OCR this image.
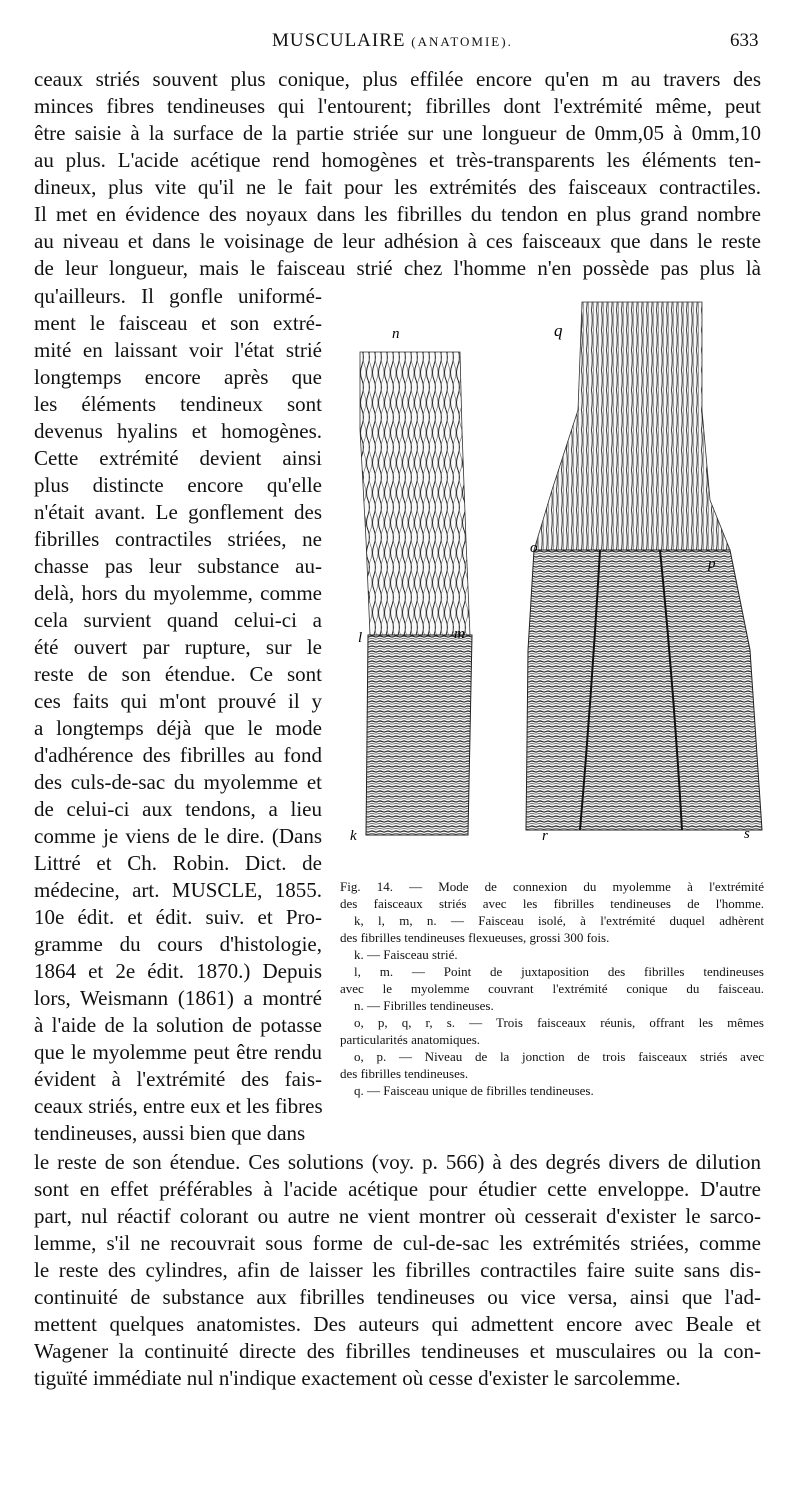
MUSCULAIRE (ANATOMIE).	633
ceaux striés souvent plus conique, plus effilée encore qu'en m au travers des
minces fibres tendineuses qui l'entourent; fibrilles dont l'extrémité même, peut
être saisie à la surface de la partie striée sur une longueur de 0mm,05 à 0mm,10
au plus. L'acide acétique rend homogènes et très-transparents les éléments ten-
dineux, plus vite qu'il ne le fait pour les extrémités des faisceaux contractiles.
Il met en évidence des noyaux dans les fibrilles du tendon en plus grand nombre
au niveau et dans le voisinage de leur adhésion à ces faisceaux que dans le reste
de leur longueur, mais le faisceau strié chez l'homme n'en possède pas plus là
qu'ailleurs. Il gonfle uniformé-
ment le faisceau et son extré-
mité en laissant voir l'état strié
longtemps encore après que
les éléments tendineux sont
devenus hyalins et homogènes.
Cette extrémité devient ainsi
plus distincte encore qu'elle
n'était avant. Le gonflement des
fibrilles contractiles striées, ne
chasse pas leur substance au-
delà, hors du myolemme, comme
cela survient quand celui-ci a
été ouvert par rupture, sur le
reste de son étendue. Ce sont
ces faits qui m'ont prouvé il y
a longtemps déjà que le mode
d'adhérence des fibrilles au fond
des culs-de-sac du myolemme et
de celui-ci aux tendons, a lieu
comme je viens de le dire. (Dans
Littré et Ch. Robin. Dict. de
médecine, art. MUSCLE, 1855.
10e édit. et édit. suiv. et Pro-
gramme du cours d'histologie,
1864 et 2e édit. 1870.) Depuis
lors, Weismann (1861) a montré
à l'aide de la solution de potasse
que le myolemme peut être rendu
évident à l'extrémité des fais-
ceaux striés, entre eux et les fibres
tendineuses, aussi bien que dans
n
m
l
k
q
o
p
r	s
Fig. 14. — Mode de connexion du myolemme à l'extrémité
des faisceaux striés avec les fibrilles tendineuses de l'homme.
k, l, m, n. — Faisceau isolé, à l'extrémité duquel adhèrent
des fibrilles tendineuses flexueuses, grossi 300 fois.
k. — Faisceau strié.
l, m. — Point de juxtaposition des fibrilles tendineuses
avec le myolemme couvrant l'extrémité conique du faisceau.
n. — Fibrilles tendineuses.
o, p, q, r, s. — Trois faisceaux réunis, offrant les mêmes
particularités anatomiques.
o, p. — Niveau de la jonction de trois faisceaux striés avec
des fibrilles tendineuses.
q. — Faisceau unique de fibrilles tendineuses.
le reste de son étendue. Ces solutions (voy. p. 566) à des degrés divers de dilution
sont en effet préférables à l'acide acétique pour étudier cette enveloppe. D'autre
part, nul réactif colorant ou autre ne vient montrer où cesserait d'exister le sarco-
lemme, s'il ne recouvrait sous forme de cul-de-sac les extrémités striées, comme
le reste des cylindres, afin de laisser les fibrilles contractiles faire suite sans dis-
continuité de substance aux fibrilles tendineuses ou vice versa, ainsi que l'ad-
mettent quelques anatomistes. Des auteurs qui admettent encore avec Beale et
Wagener la continuité directe des fibrilles tendineuses et musculaires ou la con-
tiguïté immédiate nul n'indique exactement où cesse d'exister le sarcolemme.
